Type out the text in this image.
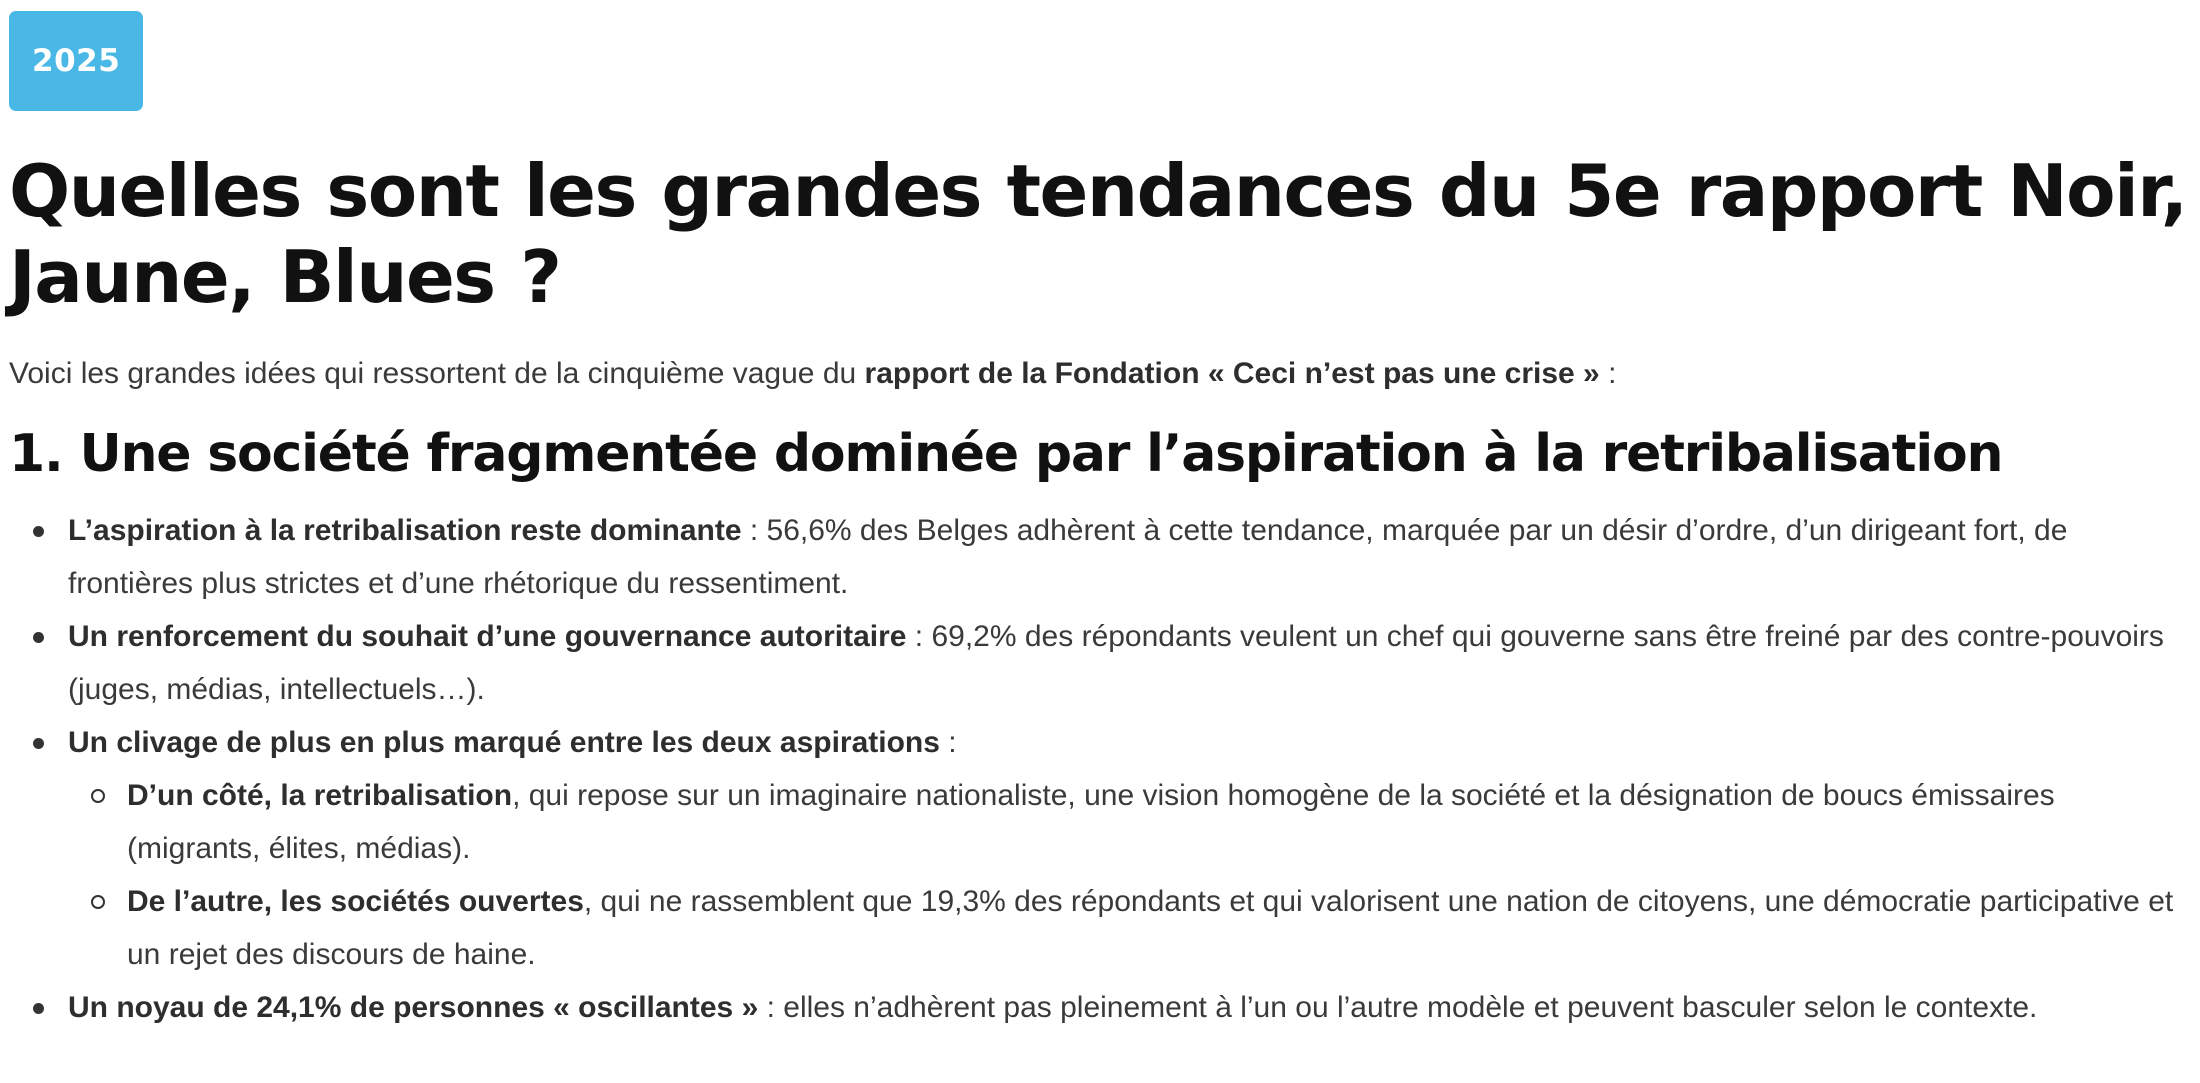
2025
Quelles sont les grandes tendances du 5e rapport Noir, Jaune, Blues ?

Voici les grandes idées qui ressortent de la cinquième vague du rapport de la Fondation « Ceci n’est pas une crise » :

1. Une société fragmentée dominée par l’aspiration à la retribalisation
L’aspiration à la retribalisation reste dominante : 56,6% des Belges adhèrent à cette tendance, marquée par un désir d’ordre, d’un dirigeant fort, de frontières plus strictes et d’une rhétorique du ressentiment.
Un renforcement du souhait d’une gouvernance autoritaire : 69,2% des répondants veulent un chef qui gouverne sans être freiné par des contre-pouvoirs (juges, médias, intellectuels…).
Un clivage de plus en plus marqué entre les deux aspirations :
D’un côté, la retribalisation, qui repose sur un imaginaire nationaliste, une vision homogène de la société et la désignation de boucs émissaires (migrants, élites, médias).
De l’autre, les sociétés ouvertes, qui ne rassemblent que 19,3% des répondants et qui valorisent une nation de citoyens, une démocratie participative et un rejet des discours de haine.
Un noyau de 24,1% de personnes « oscillantes » : elles n’adhèrent pas pleinement à l’un ou l’autre modèle et peuvent basculer selon le contexte.
